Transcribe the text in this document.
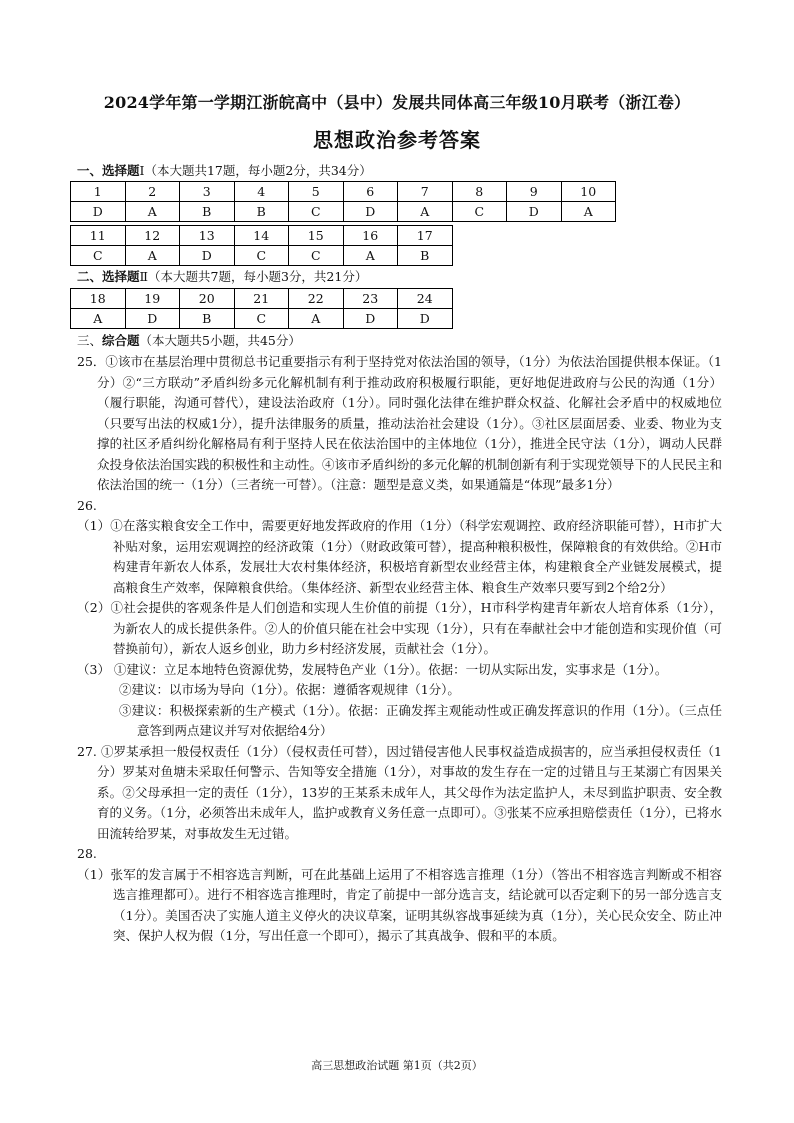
2024学年第一学期江浙皖高中（县中）发展共同体高三年级10月联考（浙江卷）
思想政治参考答案
一、选择题Ⅰ（本大题共17题，每小题2分，共34分）
1	2	3	4	5	6	7	8	9	10
D	A	B	B	C	D	A	C	D	A
11	12	13	14	15	16	17
C	A	D	C	C	A	B
二、选择题Ⅱ（本大题共7题，每小题3分，共21分）
18	19	20	21	22	23	24
A	D	B	C	A	D	D
三、综合题（本大题共5小题，共45分）

25．①该市在基层治理中贯彻总书记重要指示有利于坚持党对依法治国的领导，（1分）为依法治国提供根本保证。（1分）②“三方联动”矛盾纠纷多元化解机制有利于推动政府积极履行职能，更好地促进政府与公民的沟通（1分）（履行职能，沟通可替代），建设法治政府（1分）。同时强化法律在维护群众权益、化解社会矛盾中的权威地位（只要写出法的权威1分），提升法律服务的质量，推动法治社会建设（1分）。③社区层面居委、业委、物业为支撑的社区矛盾纠纷化解格局有利于坚持人民在依法治国中的主体地位（1分），推进全民守法（1分），调动人民群众投身依法治国实践的积极性和主动性。④该市矛盾纠纷的多元化解的机制创新有利于实现党领导下的人民民主和依法治国的统一（1分）（三者统一可替）。（注意：题型是意义类，如果通篇是“体现”最多1分）

26.

（1）①在落实粮食安全工作中，需要更好地发挥政府的作用（1分）（科学宏观调控、政府经济职能可替），H市扩大补贴对象，运用宏观调控的经济政策（1分）（财政政策可替），提高种粮积极性，保障粮食的有效供给。②H市构建青年新农人体系，发展壮大农村集体经济，积极培育新型农业经营主体，构建粮食全产业链发展模式，提高粮食生产效率，保障粮食供给。（集体经济、新型农业经营主体、粮食生产效率只要写到2个给2分）

（2）①社会提供的客观条件是人们创造和实现人生价值的前提（1分），H市科学构建青年新农人培育体系（1分），为新农人的成长提供条件。②人的价值只能在社会中实现（1分），只有在奉献社会中才能创造和实现价值（可替换前句），新农人返乡创业，助力乡村经济发展，贡献社会（1分）。

（3） ①建议：立足本地特色资源优势，发展特色产业（1分）。依据：一切从实际出发，实事求是（1分）。

②建议：以市场为导向（1分）。依据：遵循客观规律（1分）。

③建议：积极探索新的生产模式（1分）。依据：正确发挥主观能动性或正确发挥意识的作用（1分）。（三点任意答到两点建议并写对依据给4分）

27. ①罗某承担一般侵权责任（1分）（侵权责任可替），因过错侵害他人民事权益造成损害的，应当承担侵权责任（1分）罗某对鱼塘未采取任何警示、告知等安全措施（1分），对事故的发生存在一定的过错且与王某溺亡有因果关系。②父母承担一定的责任（1分），13岁的王某系未成年人，其父母作为法定监护人，未尽到监护职责、安全教育的义务。（1分，必须答出未成年人，监护或教育义务任意一点即可）。③张某不应承担赔偿责任（1分），已将水田流转给罗某，对事故发生无过错。

28.

（1）张军的发言属于不相容选言判断，可在此基础上运用了不相容选言推理（1分）（答出不相容选言判断或不相容选言推理都可）。进行不相容选言推理时，肯定了前提中一部分选言支，结论就可以否定剩下的另一部分选言支（1分）。美国否决了实施人道主义停火的决议草案，证明其纵容战事延续为真（1分），关心民众安全、防止冲突、保护人权为假（1分，写出任意一个即可），揭示了其真战争、假和平的本质。

高三思想政治试题 第1页（共2页）
